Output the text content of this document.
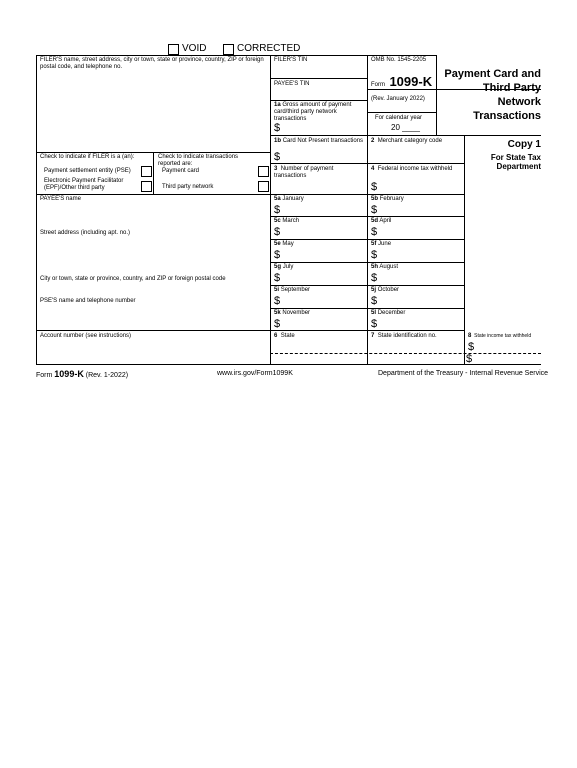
VOID	CORRECTED
FILER'S name, street address, city or town, state or province, country, ZIP or foreign postal code, and telephone no.
Check to indicate if FILER is a (an):
Payment settlement entity (PSE)
Electronic Payment Facilitator (EPF)/Other third party
Check to indicate transactions reported are:
Payment card
Third party network
PAYEE'S name
Street address (including apt. no.)
City or town, state or province, country, and ZIP or foreign postal code
PSE'S name and telephone number
Account number (see instructions)
FILER'S TIN
PAYEE'S TIN
1a Gross amount of payment card/third party network transactions
$
OMB No. 1545-2205
Form 1099-K
(Rev. January 2022)
For calendar year
20 ____
Payment Card and
Third Party
Network
Transactions
Copy 1
For State Tax
Department
1b Card Not Present transactions
$
2 Merchant category code
3 Number of payment transactions
4 Federal income tax withheld
$
5a January
$
5b February
$
5c March
$
5d April
$
5e May
$
5f June
$
5g July
$
5h August
$
5i September
$
5j October
$
5k November
$
5l December
$
6 State	7 State identification no.	8 State income tax withheld
$
$
Form 1099-K (Rev. 1-2022)	www.irs.gov/Form1099K	Department of the Treasury - Internal Revenue Service
